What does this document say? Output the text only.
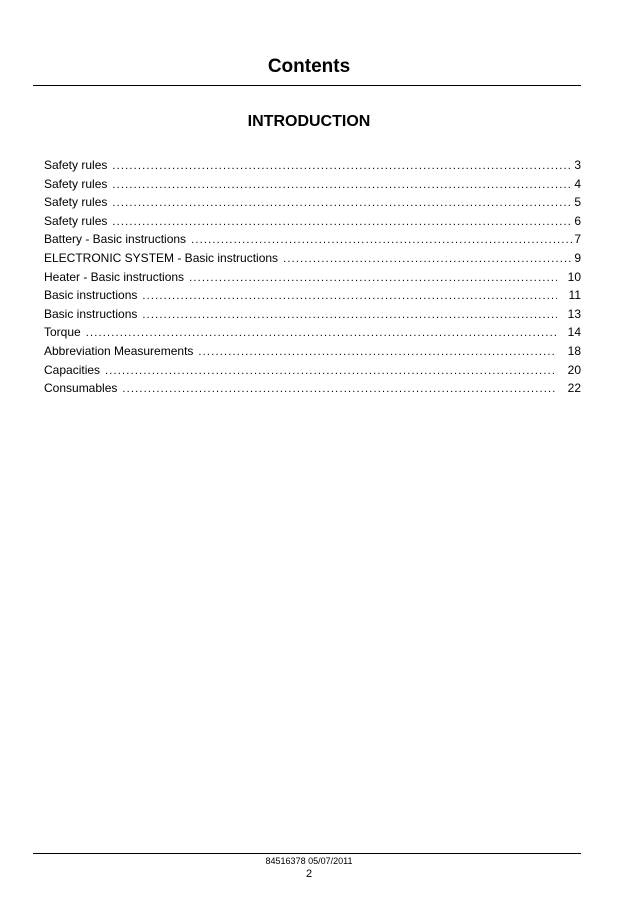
Contents
INTRODUCTION
Safety rules .....	3
Safety rules .....	4
Safety rules .....	5
Safety rules .....	6
Battery - Basic instructions .....	7
ELECTRONIC SYSTEM - Basic instructions .....	9
Heater - Basic instructions .....	10
Basic instructions .....	11
Basic instructions .....	13
Torque .....	14
Abbreviation Measurements .....	18
Capacities .....	20
Consumables .....	22
84516378 05/07/2011
2
